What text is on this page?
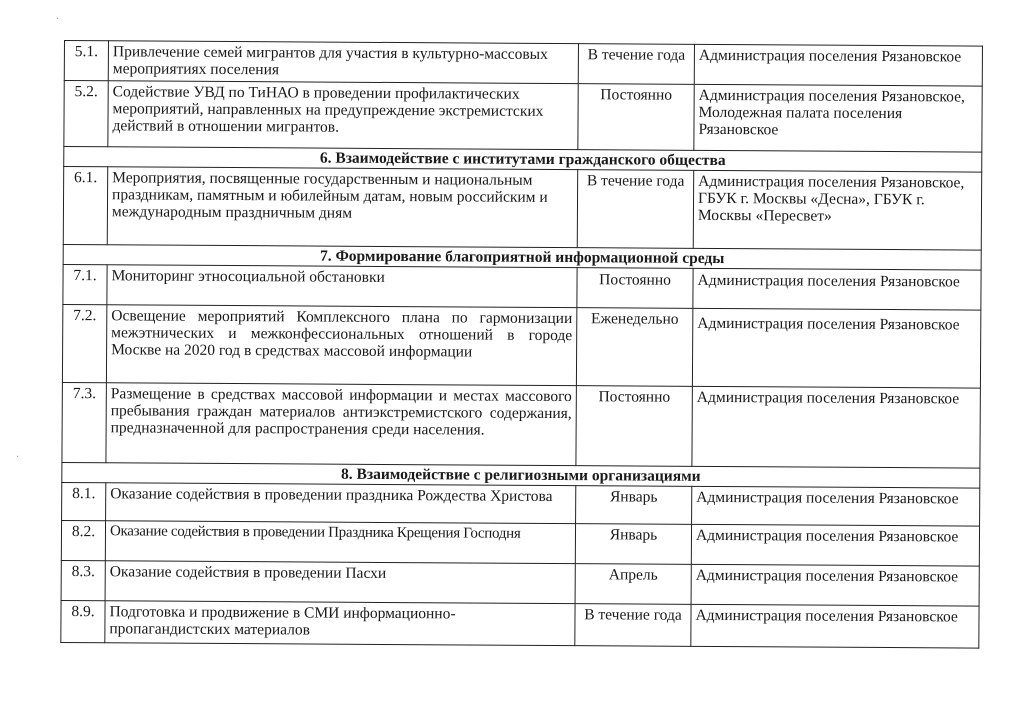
5.1.	Привлечение семей мигрантов для участия в культурно-массовых мероприятиях поселения	В течение года	Администрация поселения Рязановское
5.2.	Содействие УВД по ТиНАО в проведении профилактических мероприятий, направленных на предупреждение экстремистских действий в отношении мигрантов.	Постоянно	Администрация поселения Рязановское, Молодежная палата поселения Рязановское
6. Взаимодействие с институтами гражданского общества			
6.1.	Мероприятия, посвященные государственным и национальным праздникам, памятным и юбилейным датам, новым российским и международным праздничным дням	В течение года	Администрация поселения Рязановское, ГБУК г. Москвы «Десна», ГБУК г. Москвы «Пересвет»
7. Формирование благоприятной информационной среды			
7.1.	Мониторинг этносоциальной обстановки	Постоянно	Администрация поселения Рязановское
7.2.	Освещение мероприятий Комплексного плана по гармонизации межэтнических и межконфессиональных отношений в городе Москве на 2020 год в средствах массовой информации	Еженедельно	Администрация поселения Рязановское
7.3.	Размещение в средствах массовой информации и местах массового пребывания граждан материалов антиэкстремистского содержания, предназначенной для распространения среди населения.	Постоянно	Администрация поселения Рязановское
8. Взаимодействие с религиозными организациями			
8.1.	Оказание содействия в проведении праздника Рождества Христова	Январь	Администрация поселения Рязановское
8.2.	Оказание содействия в проведении Праздника Крещения Господня	Январь	Администрация поселения Рязановское
8.3.	Оказание содействия в проведении Пасхи	Апрель	Администрация поселения Рязановское
8.9.	Подготовка и продвижение в СМИ информационно-пропагандистских материалов	В течение года	Администрация поселения Рязановское
·
·
